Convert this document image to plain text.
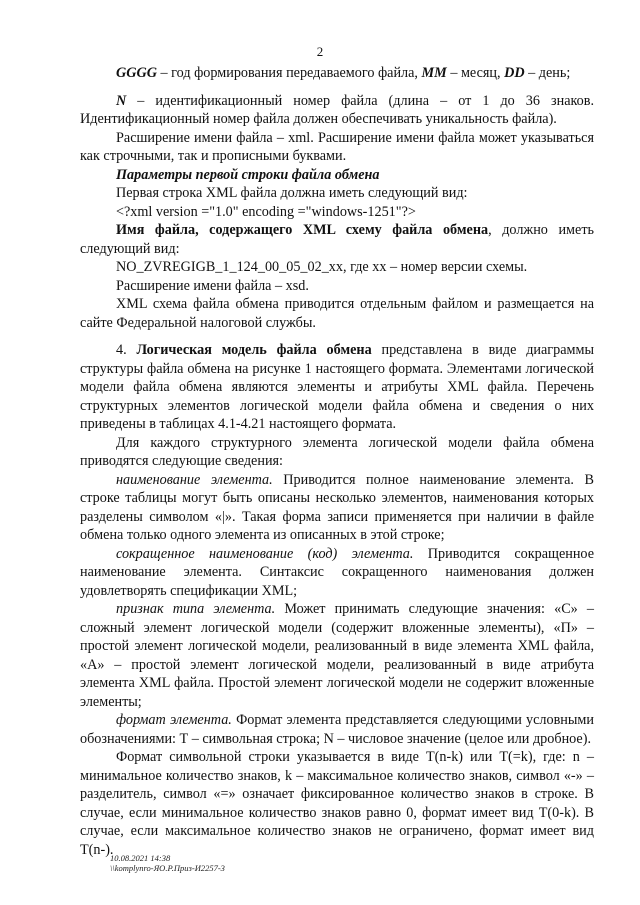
2

GGGG – год формирования передаваемого файла, MM – месяц, DD – день;

N – идентификационный номер файла (длина – от 1 до 36 знаков. Идентификационный номер файла должен обеспечивать уникальность файла).

Расширение имени файла – xml. Расширение имени файла может указываться как строчными, так и прописными буквами.

Параметры первой строки файла обмена

Первая строка XML файла должна иметь следующий вид:

<?xml version ="1.0" encoding ="windows-1251"?>

Имя файла, содержащего XML схему файла обмена, должно иметь следующий вид:

NO_ZVREGIGB_1_124_00_05_02_xx, где хх – номер версии схемы.

Расширение имени файла – xsd.

XML схема файла обмена приводится отдельным файлом и размещается на сайте Федеральной налоговой службы.

4. Логическая модель файла обмена представлена в виде диаграммы структуры файла обмена на рисунке 1 настоящего формата. Элементами логической модели файла обмена являются элементы и атрибуты XML файла. Перечень структурных элементов логической модели файла обмена и сведения о них приведены в таблицах 4.1-4.21 настоящего формата.

Для каждого структурного элемента логической модели файла обмена приводятся следующие сведения:

наименование элемента. Приводится полное наименование элемента. В строке таблицы могут быть описаны несколько элементов, наименования которых разделены символом «|». Такая форма записи применяется при наличии в файле обмена только одного элемента из описанных в этой строке;

сокращенное наименование (код) элемента. Приводится сокращенное наименование элемента. Синтаксис сокращенного наименования должен удовлетворять спецификации XML;

признак типа элемента. Может принимать следующие значения: «С» – сложный элемент логической модели (содержит вложенные элементы), «П» – простой элемент логической модели, реализованный в виде элемента XML файла, «А» – простой элемент логической модели, реализованный в виде атрибута элемента XML файла. Простой элемент логической модели не содержит вложенные элементы;

формат элемента. Формат элемента представляется следующими условными обозначениями: Т – символьная строка; N – числовое значение (целое или дробное).

Формат символьной строки указывается в виде Т(n-k) или T(=k), где: n – минимальное количество знаков, k – максимальное количество знаков, символ «-» – разделитель, символ «=» означает фиксированное количество знаков в строке. В случае, если минимальное количество знаков равно 0, формат имеет вид Т(0-k). В случае, если максимальное количество знаков не ограничено, формат имеет вид Т(n-).

10.08.2021 14:38
\\komplynro-ЯО.Р.Приз-И2257-3
